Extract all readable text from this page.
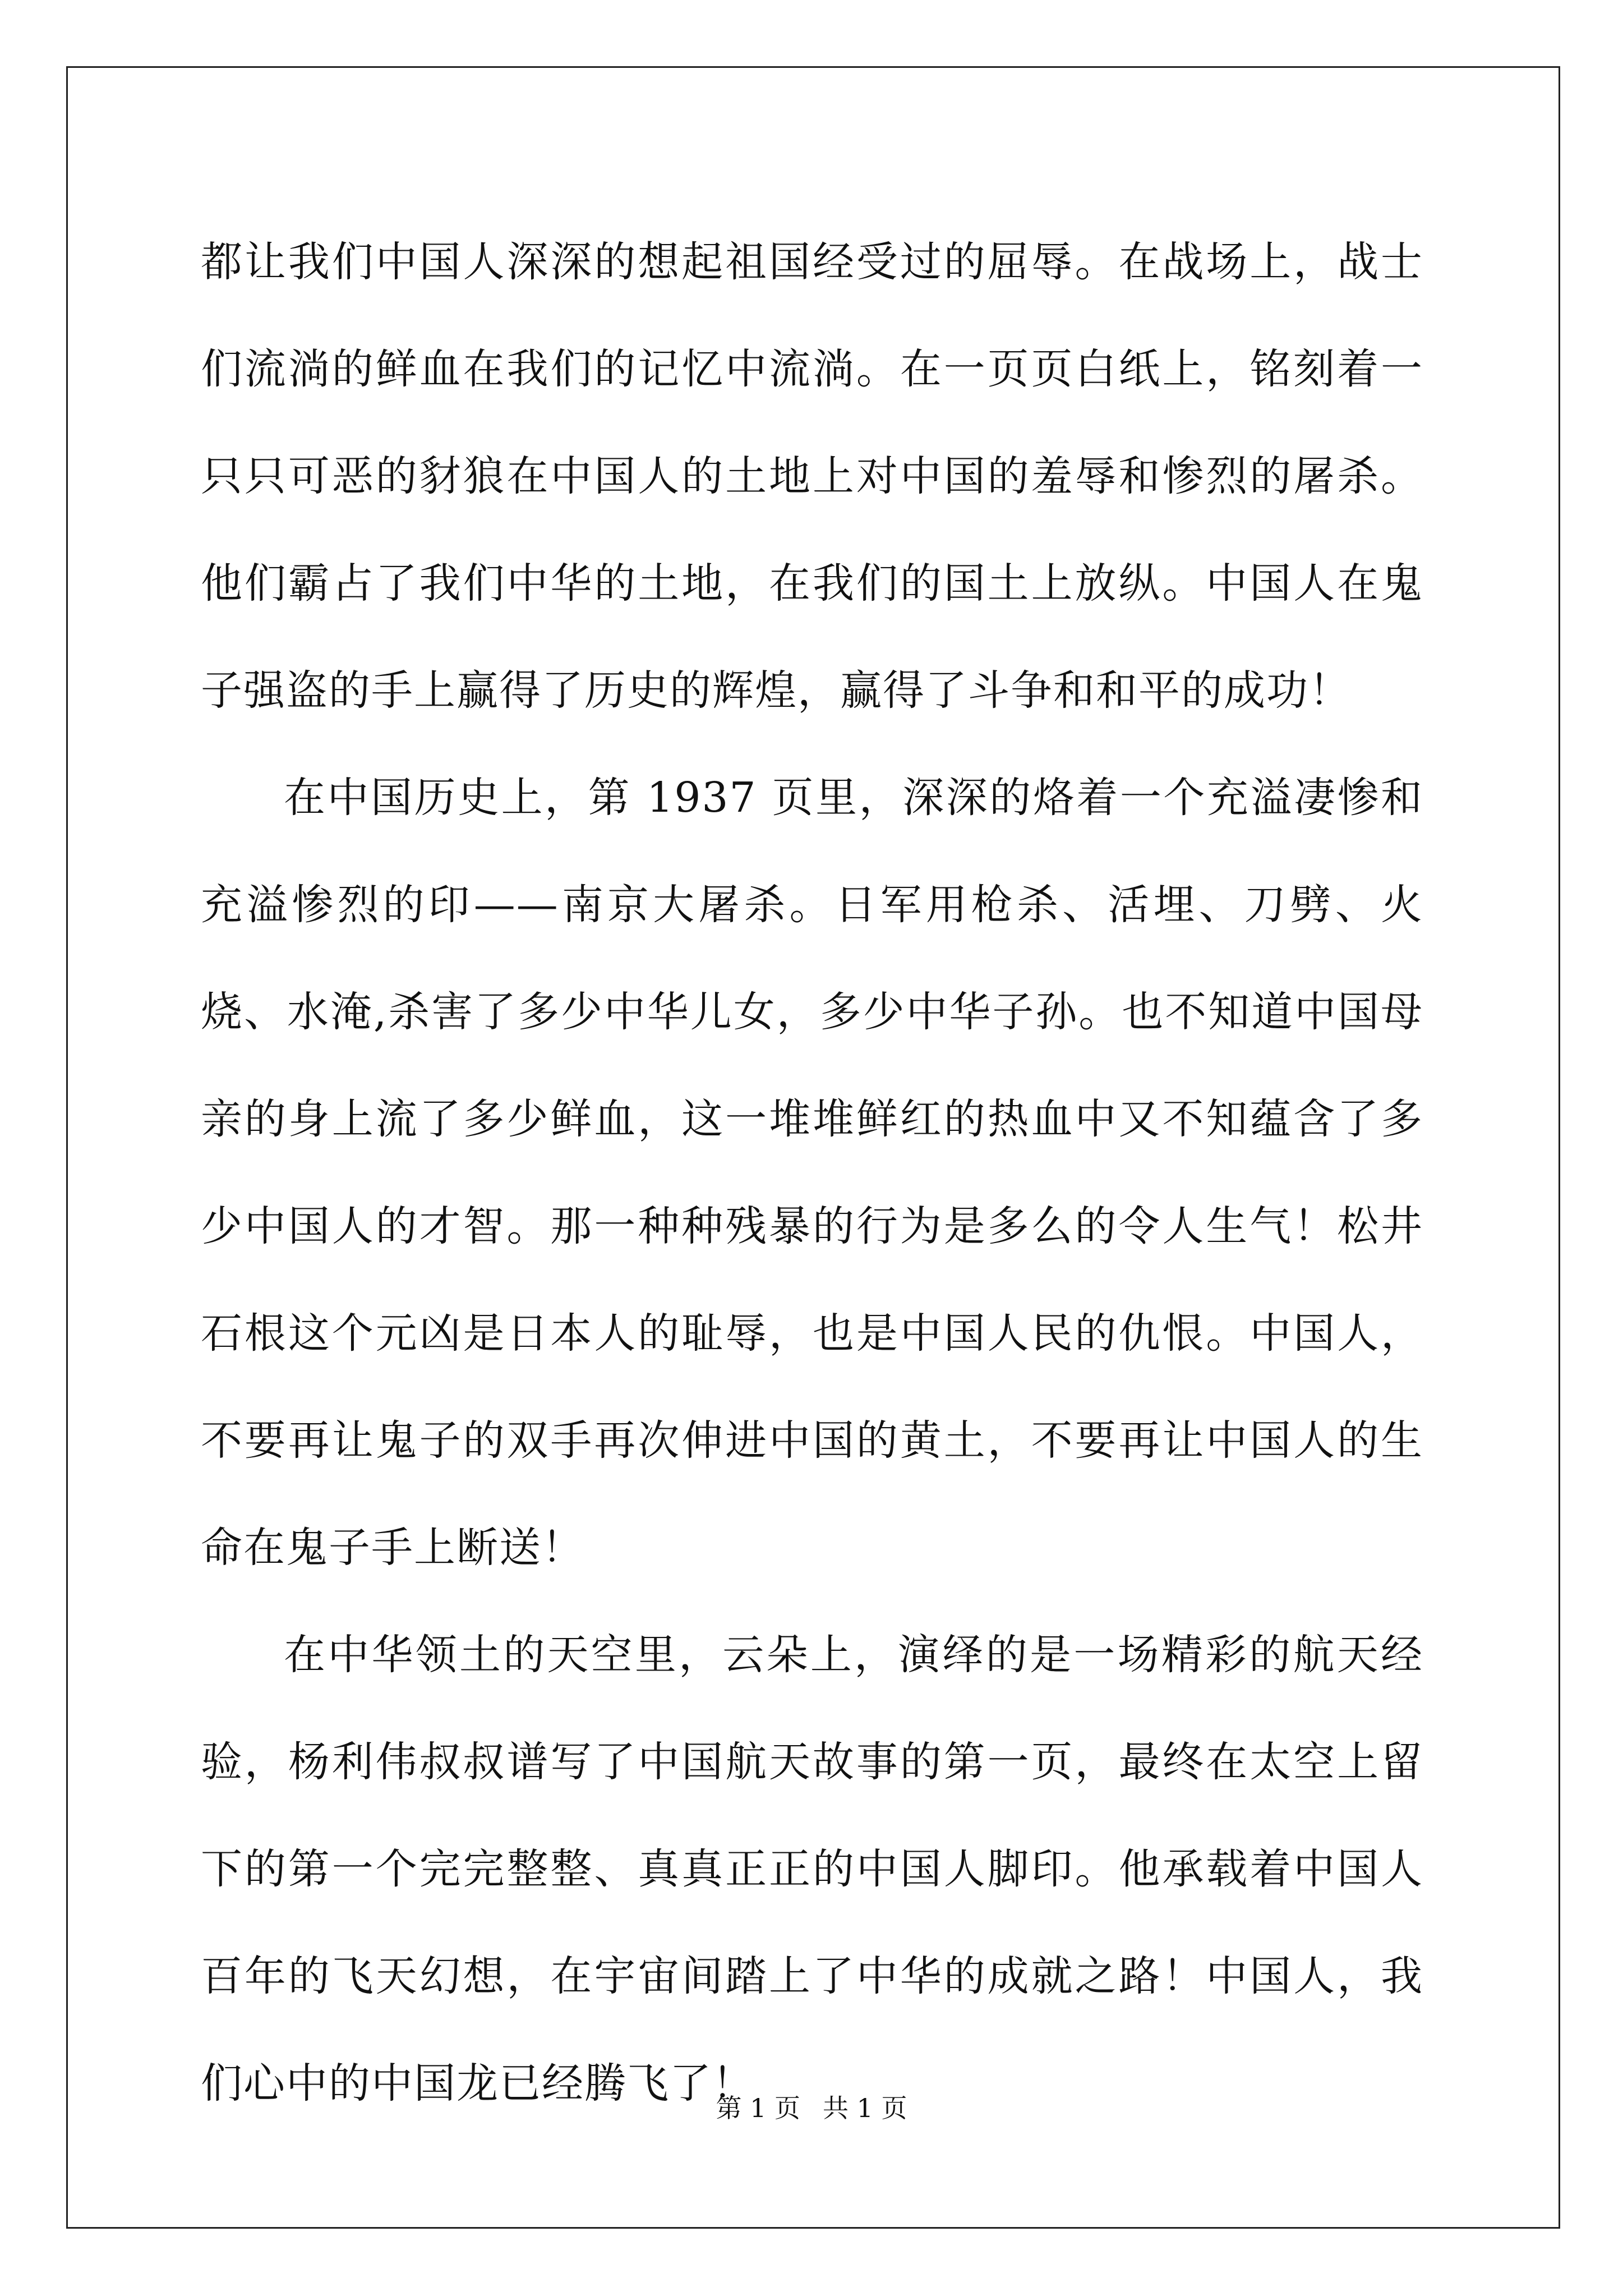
都让我们中国人深深的想起祖国经受过的屈辱。在战场上，战士们流淌的鲜血在我们的记忆中流淌。在一页页白纸上，铭刻着一只只可恶的豺狼在中国人的土地上对中国的羞辱和惨烈的屠杀。他们霸占了我们中华的土地，在我们的国土上放纵。中国人在鬼子强盗的手上赢得了历史的辉煌，赢得了斗争和和平的成功！

在中国历史上，第 1937 页里，深深的烙着一个充溢凄惨和充溢惨烈的印——南京大屠杀。日军用枪杀、活埋、刀劈、火烧、水淹,杀害了多少中华儿女，多少中华子孙。也不知道中国母亲的身上流了多少鲜血，这一堆堆鲜红的热血中又不知蕴含了多少中国人的才智。那一种种残暴的行为是多么的令人生气！松井石根这个元凶是日本人的耻辱，也是中国人民的仇恨。中国人，不要再让鬼子的双手再次伸进中国的黄土，不要再让中国人的生命在鬼子手上断送！

在中华领土的天空里，云朵上，演绎的是一场精彩的航天经验，杨利伟叔叔谱写了中国航天故事的第一页，最终在太空上留下的第一个完完整整、真真正正的中国人脚印。他承载着中国人百年的飞天幻想，在宇宙间踏上了中华的成就之路！中国人，我们心中的中国龙已经腾飞了！

第 1 页 共 1 页
